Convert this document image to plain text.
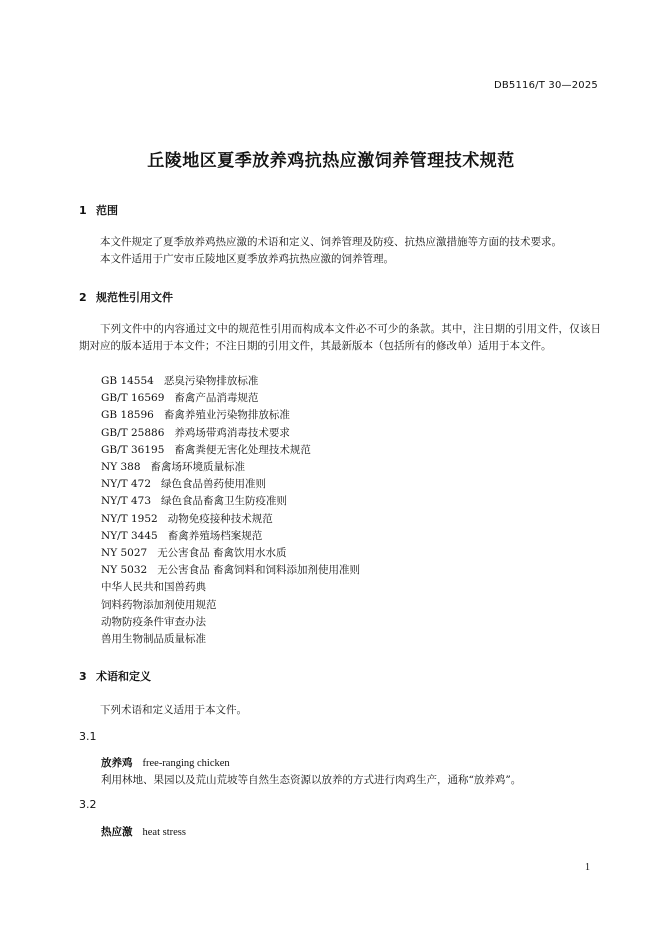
DB5116/T 30—2025
丘陵地区夏季放养鸡抗热应激饲养管理技术规范
1 范围

本文件规定了夏季放养鸡热应激的术语和定义、饲养管理及防疫、抗热应激措施等方面的技术要求。

本文件适用于广安市丘陵地区夏季放养鸡抗热应激的饲养管理。

2 规范性引用文件

下列文件中的内容通过文中的规范性引用而构成本文件必不可少的条款。其中，注日期的引用文件，仅该日期对应的版本适用于本文件；不注日期的引用文件，其最新版本（包括所有的修改单）适用于本文件。

GB 14554 恶臭污染物排放标准
GB/T 16569 畜禽产品消毒规范
GB 18596 畜禽养殖业污染物排放标准
GB/T 25886 养鸡场带鸡消毒技术要求
GB/T 36195 畜禽粪便无害化处理技术规范
NY 388 畜禽场环境质量标准
NY/T 472 绿色食品兽药使用准则
NY/T 473 绿色食品畜禽卫生防疫准则
NY/T 1952 动物免疫接种技术规范
NY/T 3445 畜禽养殖场档案规范
NY 5027 无公害食品 畜禽饮用水水质
NY 5032 无公害食品 畜禽饲料和饲料添加剂使用准则
中华人民共和国兽药典
饲料药物添加剂使用规范
动物防疫条件审查办法
兽用生物制品质量标准
3 术语和定义

下列术语和定义适用于本文件。

3.1
放养鸡 free-ranging chicken
利用林地、果园以及荒山荒坡等自然生态资源以放养的方式进行肉鸡生产，通称“放养鸡”。
3.2
热应激 heat stress
1
